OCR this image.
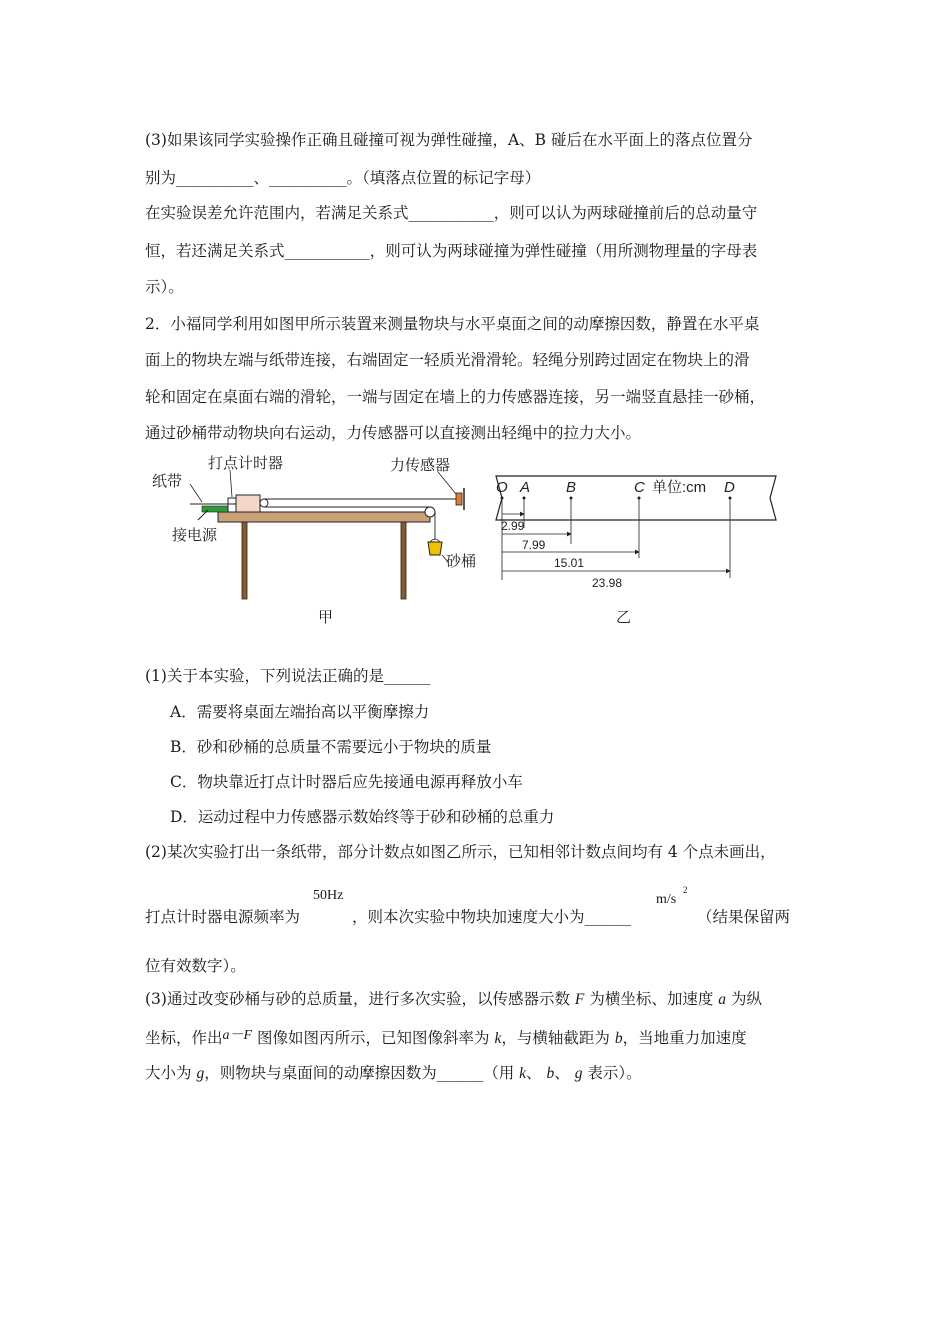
(3)如果该同学实验操作正确且碰撞可视为弹性碰撞，A、B 碰后在水平面上的落点位置分
别为__________、__________。（填落点位置的标记字母）
在实验误差允许范围内，若满足关系式___________，则可以认为两球碰撞前后的总动量守
恒，若还满足关系式___________，则可认为两球碰撞为弹性碰撞（用所测物理量的字母表
示）。
2．小福同学利用如图甲所示装置来测量物块与水平桌面之间的动摩擦因数，静置在水平桌
面上的物块左端与纸带连接，右端固定一轻质光滑滑轮。轻绳分别跨过固定在物块上的滑
轮和固定在桌面右端的滑轮，一端与固定在墙上的力传感器连接，另一端竖直悬挂一砂桶，
通过砂桶带动物块向右运动，力传感器可以直接测出轻绳中的拉力大小。
打点计时器
纸带
接电源
力传感器
砂桶
甲
O A B	C 单位:cm D
2.99
7.99
15.01
23.98
乙
(1)关于本实验，下列说法正确的是______
A．需要将桌面左端抬高以平衡摩擦力
B．砂和砂桶的总质量不需要远小于物块的质量
C．物块靠近打点计时器后应先接通电源再释放小车
D．运动过程中力传感器示数始终等于砂和砂桶的总重力
(2)某次实验打出一条纸带，部分计数点如图乙所示，已知相邻计数点间均有 4 个点未画出，
打点计时器电源频率为
50Hz
，则本次实验中物块加速度大小为______
m/s
2
（结果保留两
位有效数字）。
(3)通过改变砂桶与砂的总质量，进行多次实验，以传感器示数 F 为横坐标、加速度 a 为纵
坐标，作出a－F 图像如图丙所示，已知图像斜率为 k，与横轴截距为 b，当地重力加速度
大小为 g，则物块与桌面间的动摩擦因数为______（用 k、 b、 g 表示）。
